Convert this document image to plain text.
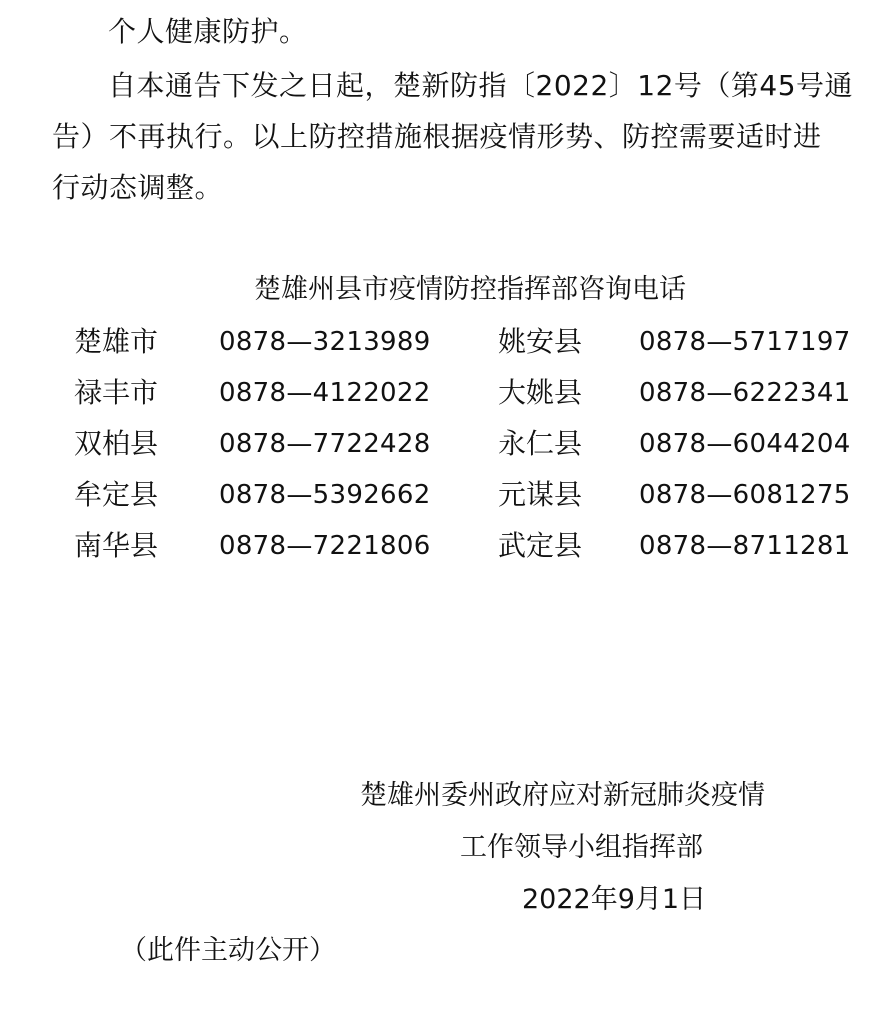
个人健康防护。
自本通告下发之日起，楚新防指〔2022〕12号（第45号通
告）不再执行。以上防控措施根据疫情形势、防控需要适时进
行动态调整。
楚雄州县市疫情防控指挥部咨询电话
楚雄市 0878—3213989
禄丰市 0878—4122022
双柏县 0878—7722428
牟定县 0878—5392662
南华县 0878—7221806
姚安县 0878—5717197
大姚县 0878—6222341
永仁县 0878—6044204
元谋县 0878—6081275
武定县 0878—8711281
楚雄州委州政府应对新冠肺炎疫情
工作领导小组指挥部
2022年9月1日
（此件主动公开）
